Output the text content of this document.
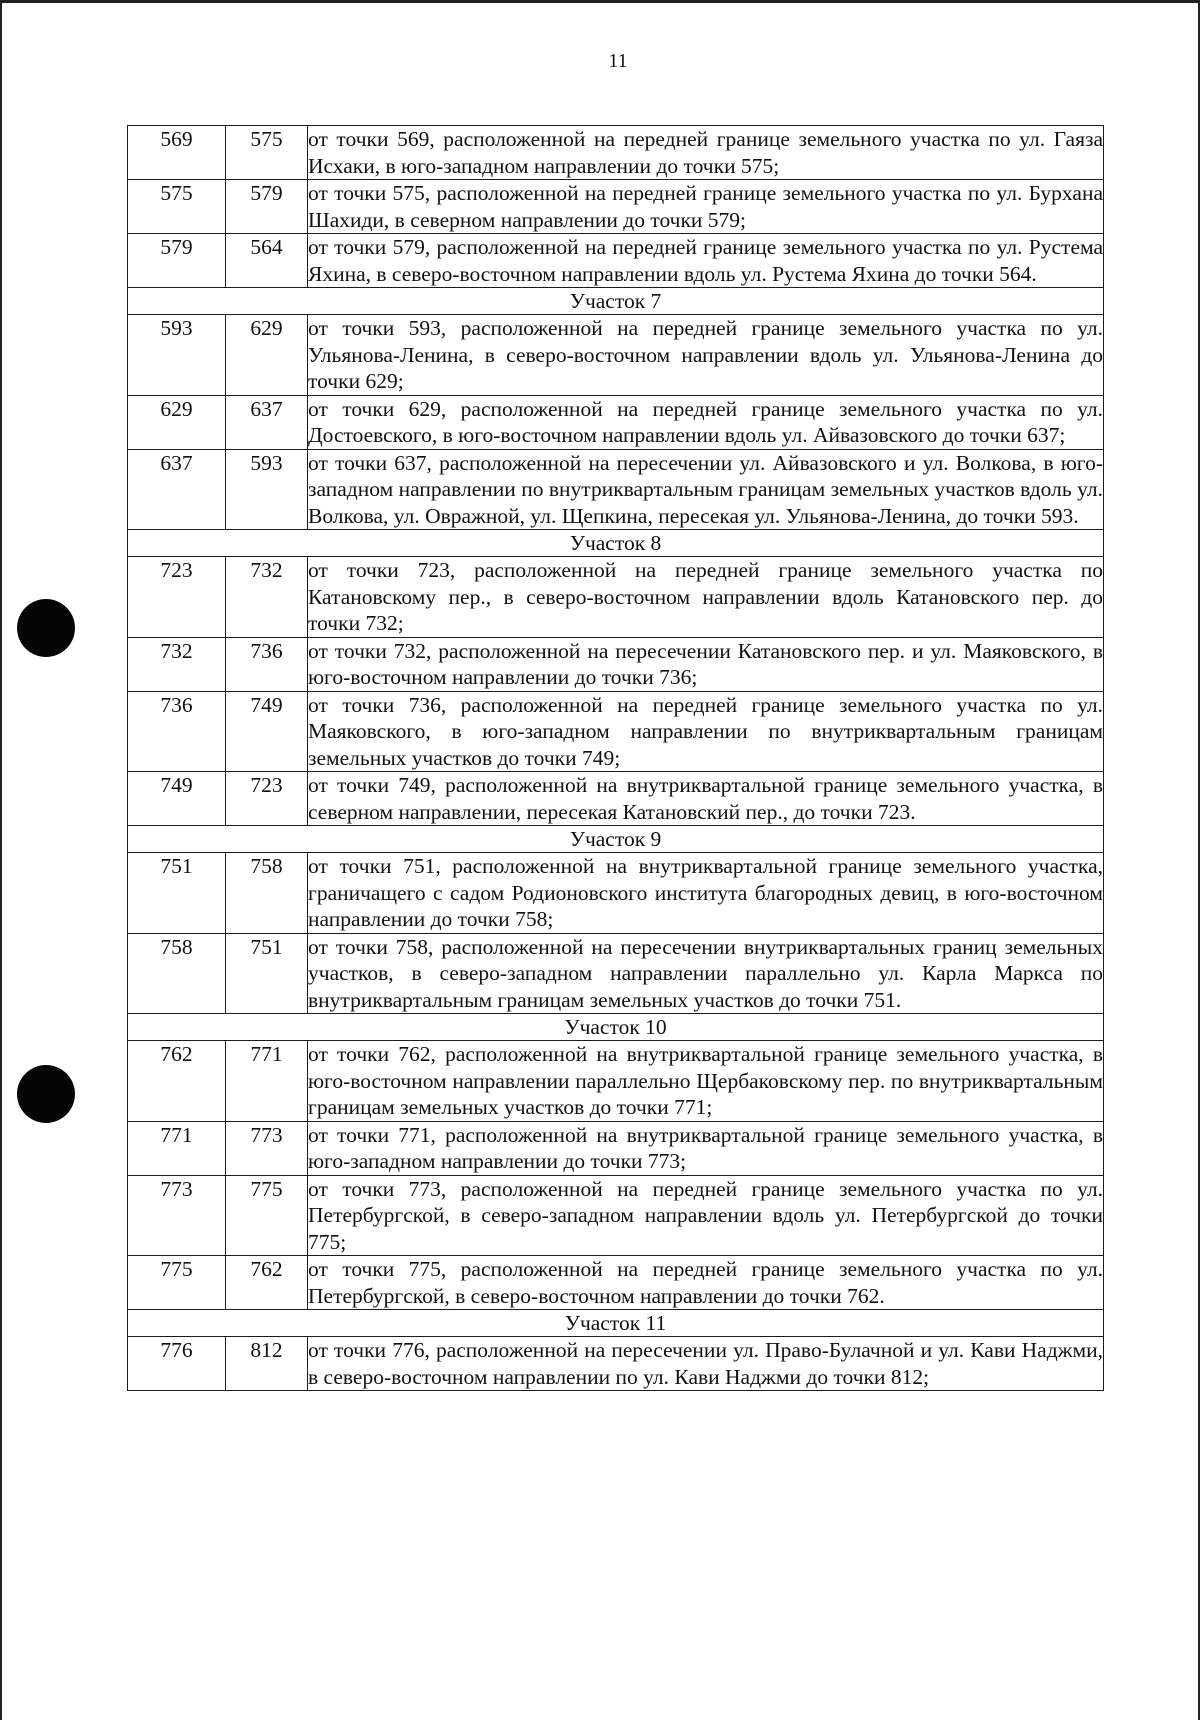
11
569	575	от точки 569, расположенной на передней границе земельного участка по ул. Гаяза Исхаки, в юго-западном направлении до точки 575;
575	579	от точки 575, расположенной на передней границе земельного участка по ул. Бурхана Шахиди, в северном направлении до точки 579;
579	564	от точки 579, расположенной на передней границе земельного участка по ул. Рустема Яхина, в северо-восточном направлении вдоль ул. Рустема Яхина до точки 564.
Участок 7		
593	629	от точки 593, расположенной на передней границе земельного участка по ул. Ульянова-Ленина, в северо-восточном направлении вдоль ул. Ульянова-Ленина до точки 629;
629	637	от точки 629, расположенной на передней границе земельного участка по ул. Достоевского, в юго-восточном направлении вдоль ул. Айвазовского до точки 637;
637	593	от точки 637, расположенной на пересечении ул. Айвазовского и ул. Волкова, в юго-западном направлении по внутриквартальным границам земельных участков вдоль ул. Волкова, ул. Овражной, ул. Щепкина, пересекая ул. Ульянова-Ленина, до точки 593.
Участок 8		
723	732	от точки 723, расположенной на передней границе земельного участка по Катановскому пер., в северо-восточном направлении вдоль Катановского пер. до точки 732;
732	736	от точки 732, расположенной на пересечении Катановского пер. и ул. Маяковского, в юго-восточном направлении до точки 736;
736	749	от точки 736, расположенной на передней границе земельного участка по ул. Маяковского, в юго-западном направлении по внутриквартальным границам земельных участков до точки 749;
749	723	от точки 749, расположенной на внутриквартальной границе земельного участка, в северном направлении, пересекая Катановский пер., до точки 723.
Участок 9		
751	758	от точки 751, расположенной на внутриквартальной границе земельного участка, граничащего с садом Родионовского института благородных девиц, в юго-восточном направлении до точки 758;
758	751	от точки 758, расположенной на пересечении внутриквартальных границ земельных участков, в северо-западном направлении параллельно ул. Карла Маркса по внутриквартальным границам земельных участков до точки 751.
Участок 10		
762	771	от точки 762, расположенной на внутриквартальной границе земельного участка, в юго-восточном направлении параллельно Щербаковскому пер. по внутриквартальным границам земельных участков до точки 771;
771	773	от точки 771, расположенной на внутриквартальной границе земельного участка, в юго-западном направлении до точки 773;
773	775	от точки 773, расположенной на передней границе земельного участка по ул. Петербургской, в северо-западном направлении вдоль ул. Петербургской до точки 775;
775	762	от точки 775, расположенной на передней границе земельного участка по ул. Петербургской, в северо-восточном направлении до точки 762.
Участок 11		
776	812	от точки 776, расположенной на пересечении ул. Право-Булачной и ул. Кави Наджми, в северо-восточном направлении по ул. Кави Наджми до точки 812;
